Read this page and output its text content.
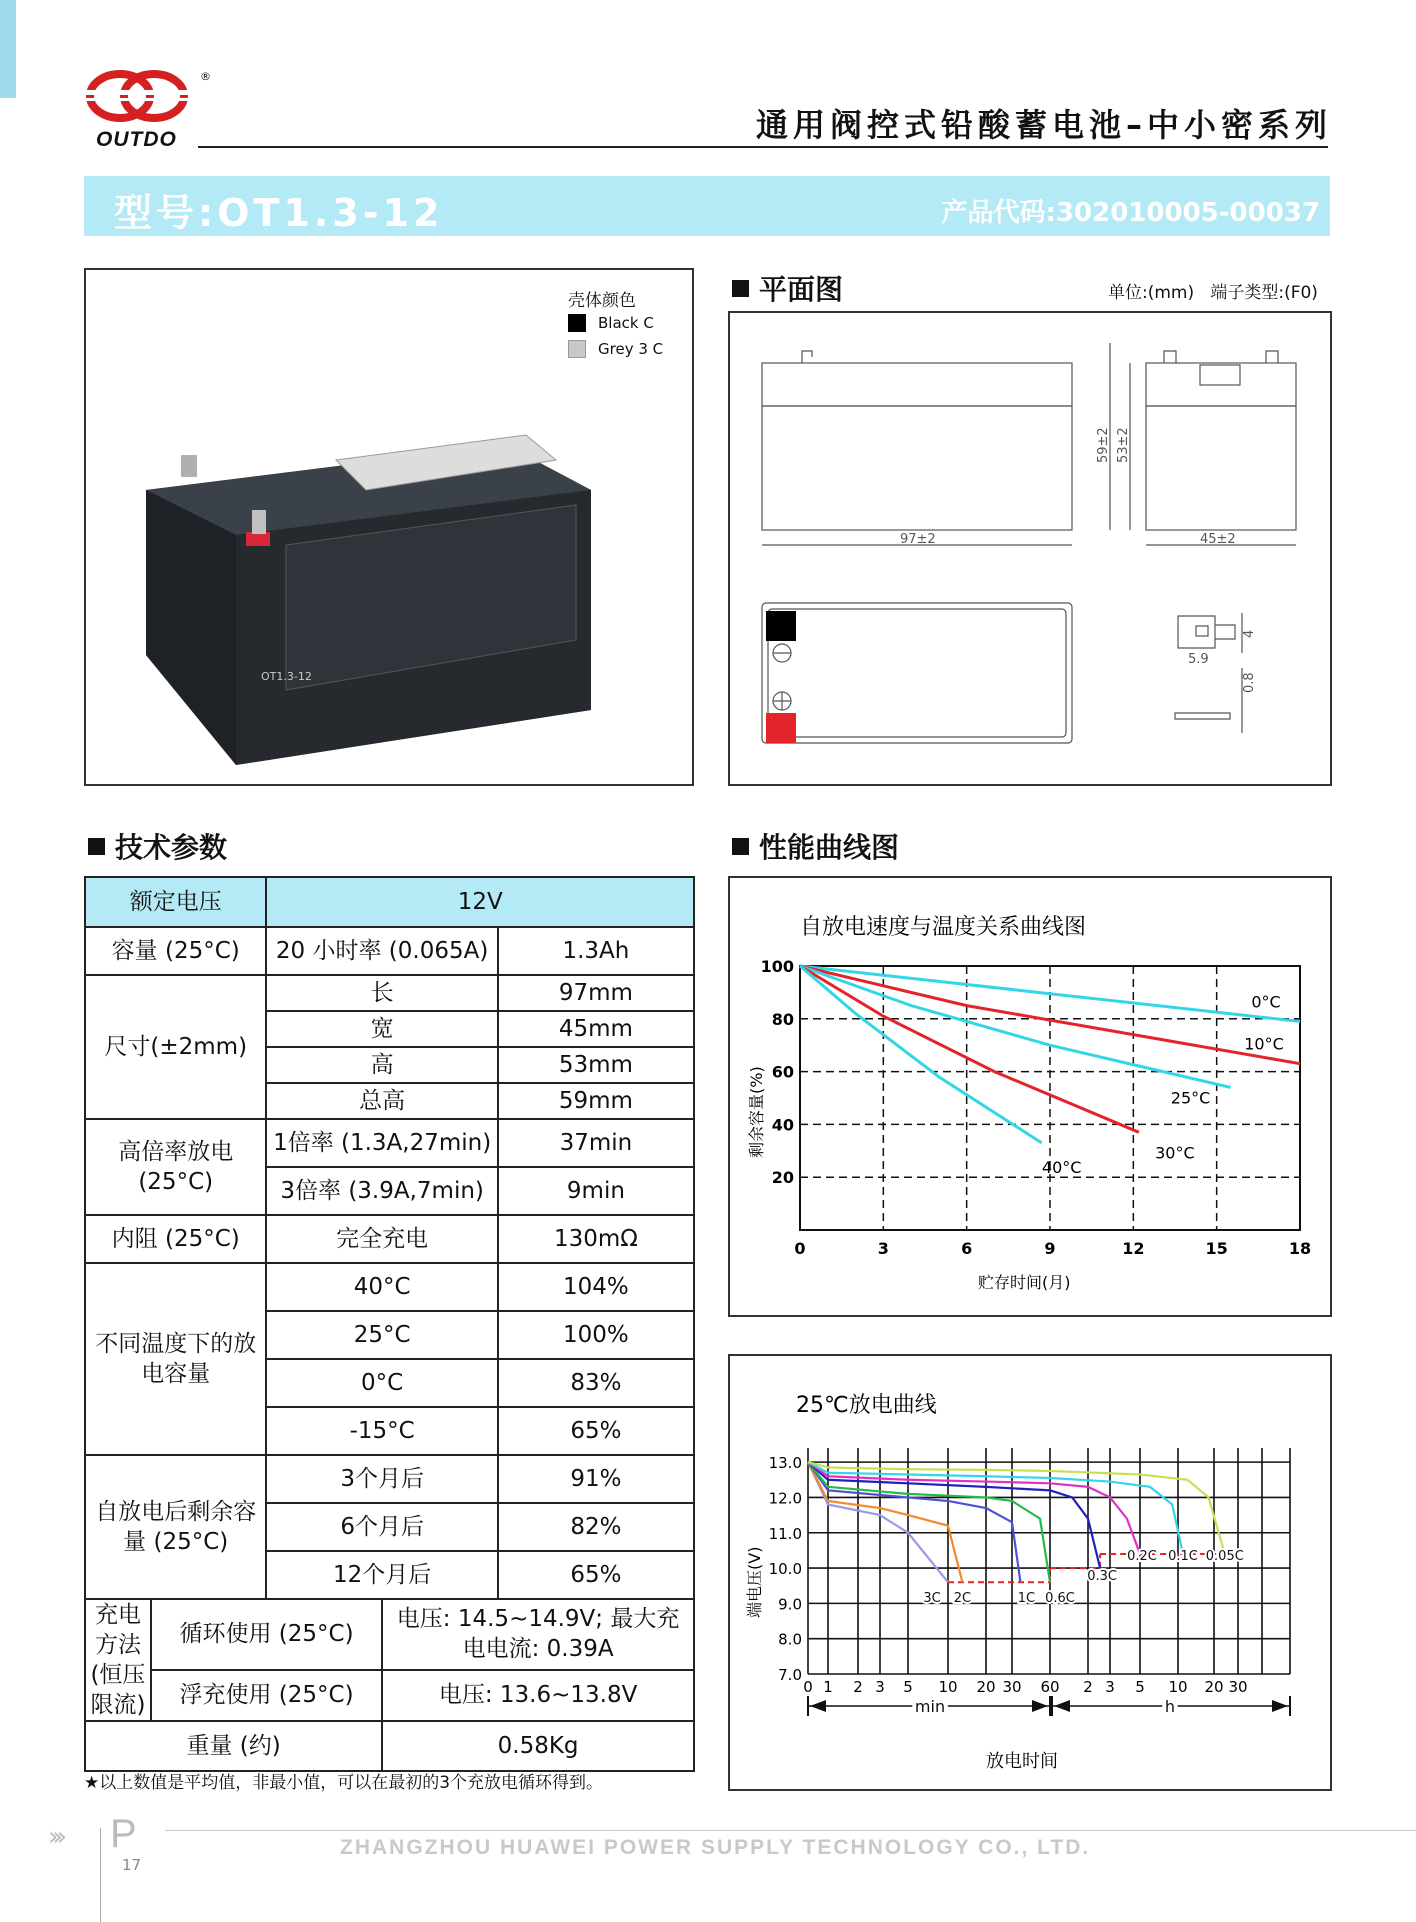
®
OUTDO	通用阀控式铅酸蓄电池–中小密系列
型号:OT1.3-12	产品代码:302010005-00037
OT1.3-12
壳体颜色
Black C
Grey 3 C
平面图	单位:(mm) 端子类型:(F0)
97±2	45±2
59±2 53±2
5.9
4
0.8
技术参数
额定电压		12V		
容量 (25°C)		20 小时率 (0.065A)		1.3Ah
尺寸(±2mm)		长		97mm
		宽		45mm
		高		53mm
		总高		59mm
高倍率放电 (25°C)		1倍率 (1.3A,27min)		37min
		3倍率 (3.9A,7min)		9min
内阻 (25°C)		完全充电		130mΩ
不同温度下的放电容量		40°C		104%
		25°C		100%
		0°C		83%
		-15°C		65%
自放电后剩余容量 (25°C)		3个月后		91%
		6个月后		82%
		12个月后		65%
充电方法 (恒压限流)	循环使用 (25°C)		电压: 14.5~14.9V; 最大充电电流: 0.39A	
	浮充使用 (25°C)		电压: 13.6~13.8V	
重量 (约)			0.58Kg	
★以上数值是平均值，非最小值，可以在最初的3个充放电循环得到。
性能曲线图
自放电速度与温度关系曲线图
贮存时间(月)
剩余容量(%)
0	3	6	9	12	15	18
20
40
60
80
100
0°C
10°C
25°C
30°C
40°C
25℃放电曲线
放电时间
端电压(V)
7.0
8.0
9.0
10.0
11.0
12.0
13.0
0 1 2 3 5 10 20 30 60 2 3 5 10 20 30
min	h
3C 2C	1C 0.6C
0.3C
0.2C 0.1C 0.05C
››› P
17
ZHANGZHOU HUAWEI POWER SUPPLY TECHNOLOGY CO., LTD.
